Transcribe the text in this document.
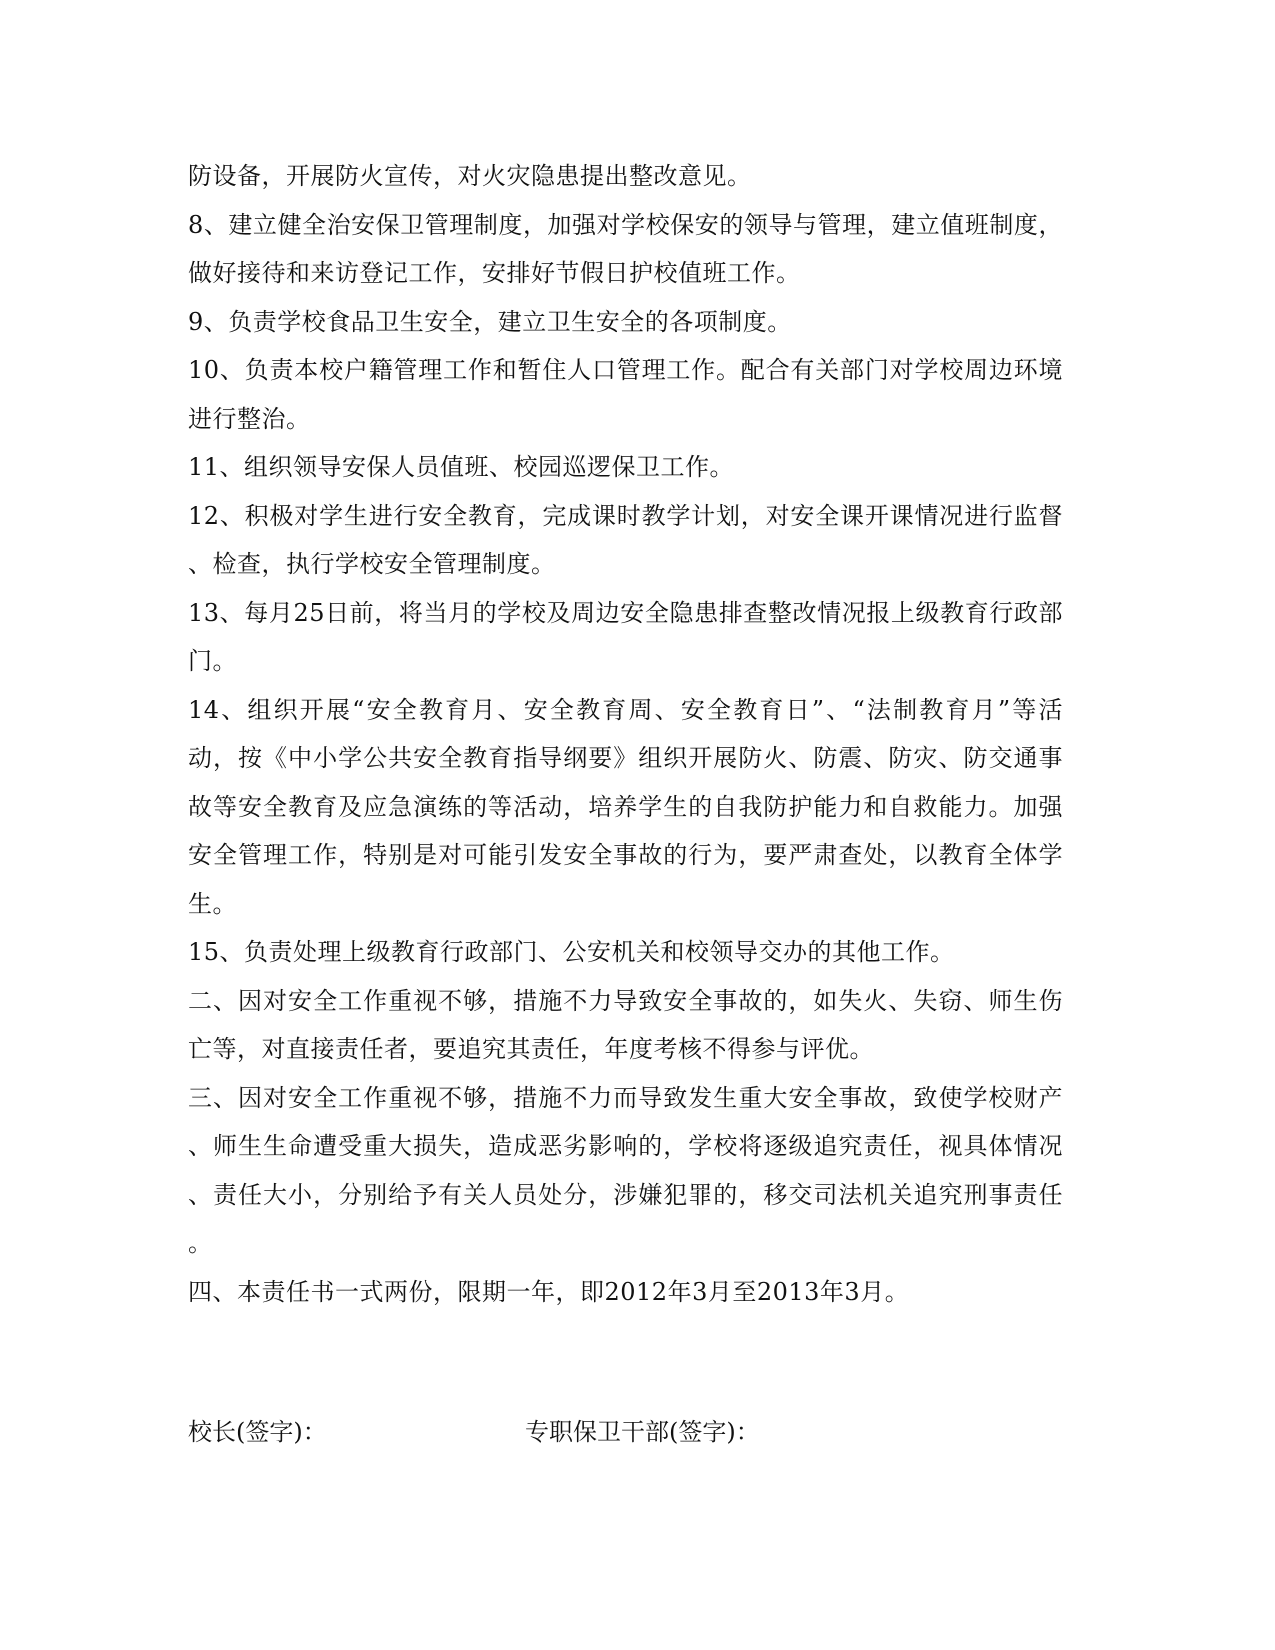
防设备，开展防火宣传，对火灾隐患提出整改意见。
8、建立健全治安保卫管理制度，加强对学校保安的领导与管理，建立值班制度，
做好接待和来访登记工作，安排好节假日护校值班工作。
9、负责学校食品卫生安全，建立卫生安全的各项制度。
10、负责本校户籍管理工作和暂住人口管理工作。配合有关部门对学校周边环境
进行整治。
11、组织领导安保人员值班、校园巡逻保卫工作。
12、积极对学生进行安全教育，完成课时教学计划，对安全课开课情况进行监督
、检查，执行学校安全管理制度。
13、每月25日前，将当月的学校及周边安全隐患排查整改情况报上级教育行政部
门。
14、组织开展“安全教育月、安全教育周、安全教育日”、“法制教育月”等活
动，按《中小学公共安全教育指导纲要》组织开展防火、防震、防灾、防交通事
故等安全教育及应急演练的等活动，培养学生的自我防护能力和自救能力。加强
安全管理工作，特别是对可能引发安全事故的行为，要严肃查处，以教育全体学
生。
15、负责处理上级教育行政部门、公安机关和校领导交办的其他工作。
二、因对安全工作重视不够，措施不力导致安全事故的，如失火、失窃、师生伤
亡等，对直接责任者，要追究其责任，年度考核不得参与评优。
三、因对安全工作重视不够，措施不力而导致发生重大安全事故，致使学校财产
、师生生命遭受重大损失，造成恶劣影响的，学校将逐级追究责任，视具体情况
、责任大小，分别给予有关人员处分，涉嫌犯罪的，移交司法机关追究刑事责任
。
四、本责任书一式两份，限期一年，即2012年3月至2013年3月。
校长(签字)：	专职保卫干部(签字)：
